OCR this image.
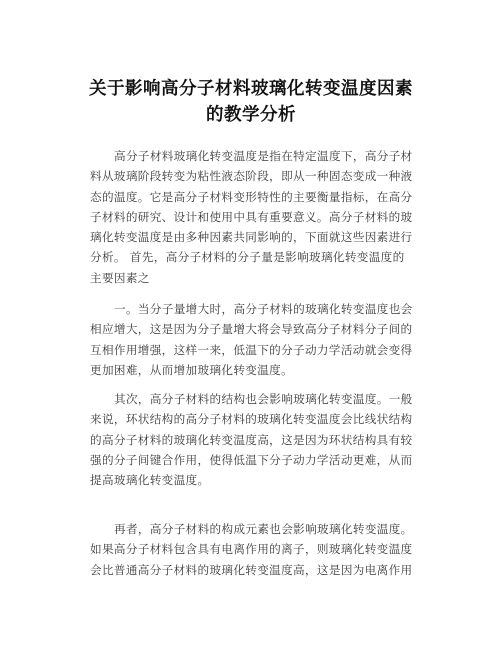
关于影响高分子材料玻璃化转变温度因素
的教学分析
高分子材料玻璃化转变温度是指在特定温度下，高分子材
料从玻璃阶段转变为粘性液态阶段，即从一种固态变成一种液
态的温度。它是高分子材料变形特性的主要衡量指标，在高分
子材料的研究、设计和使用中具有重要意义。高分子材料的玻
璃化转变温度是由多种因素共同影响的，下面就这些因素进行
分析。 首先，高分子材料的分子量是影响玻璃化转变温度的
主要因素之
一。当分子量增大时，高分子材料的玻璃化转变温度也会
相应增大，这是因为分子量增大将会导致高分子材料分子间的
互相作用增强，这样一来，低温下的分子动力学活动就会变得
更加困难，从而增加玻璃化转变温度。
其次，高分子材料的结构也会影响玻璃化转变温度。一般
来说，环状结构的高分子材料的玻璃化转变温度会比线状结构
的高分子材料的玻璃化转变温度高，这是因为环状结构具有较
强的分子间键合作用，使得低温下分子动力学活动更难，从而
提高玻璃化转变温度。
再者，高分子材料的构成元素也会影响玻璃化转变温度。
如果高分子材料包含具有电离作用的离子，则玻璃化转变温度
会比普通高分子材料的玻璃化转变温度高，这是因为电离作用
